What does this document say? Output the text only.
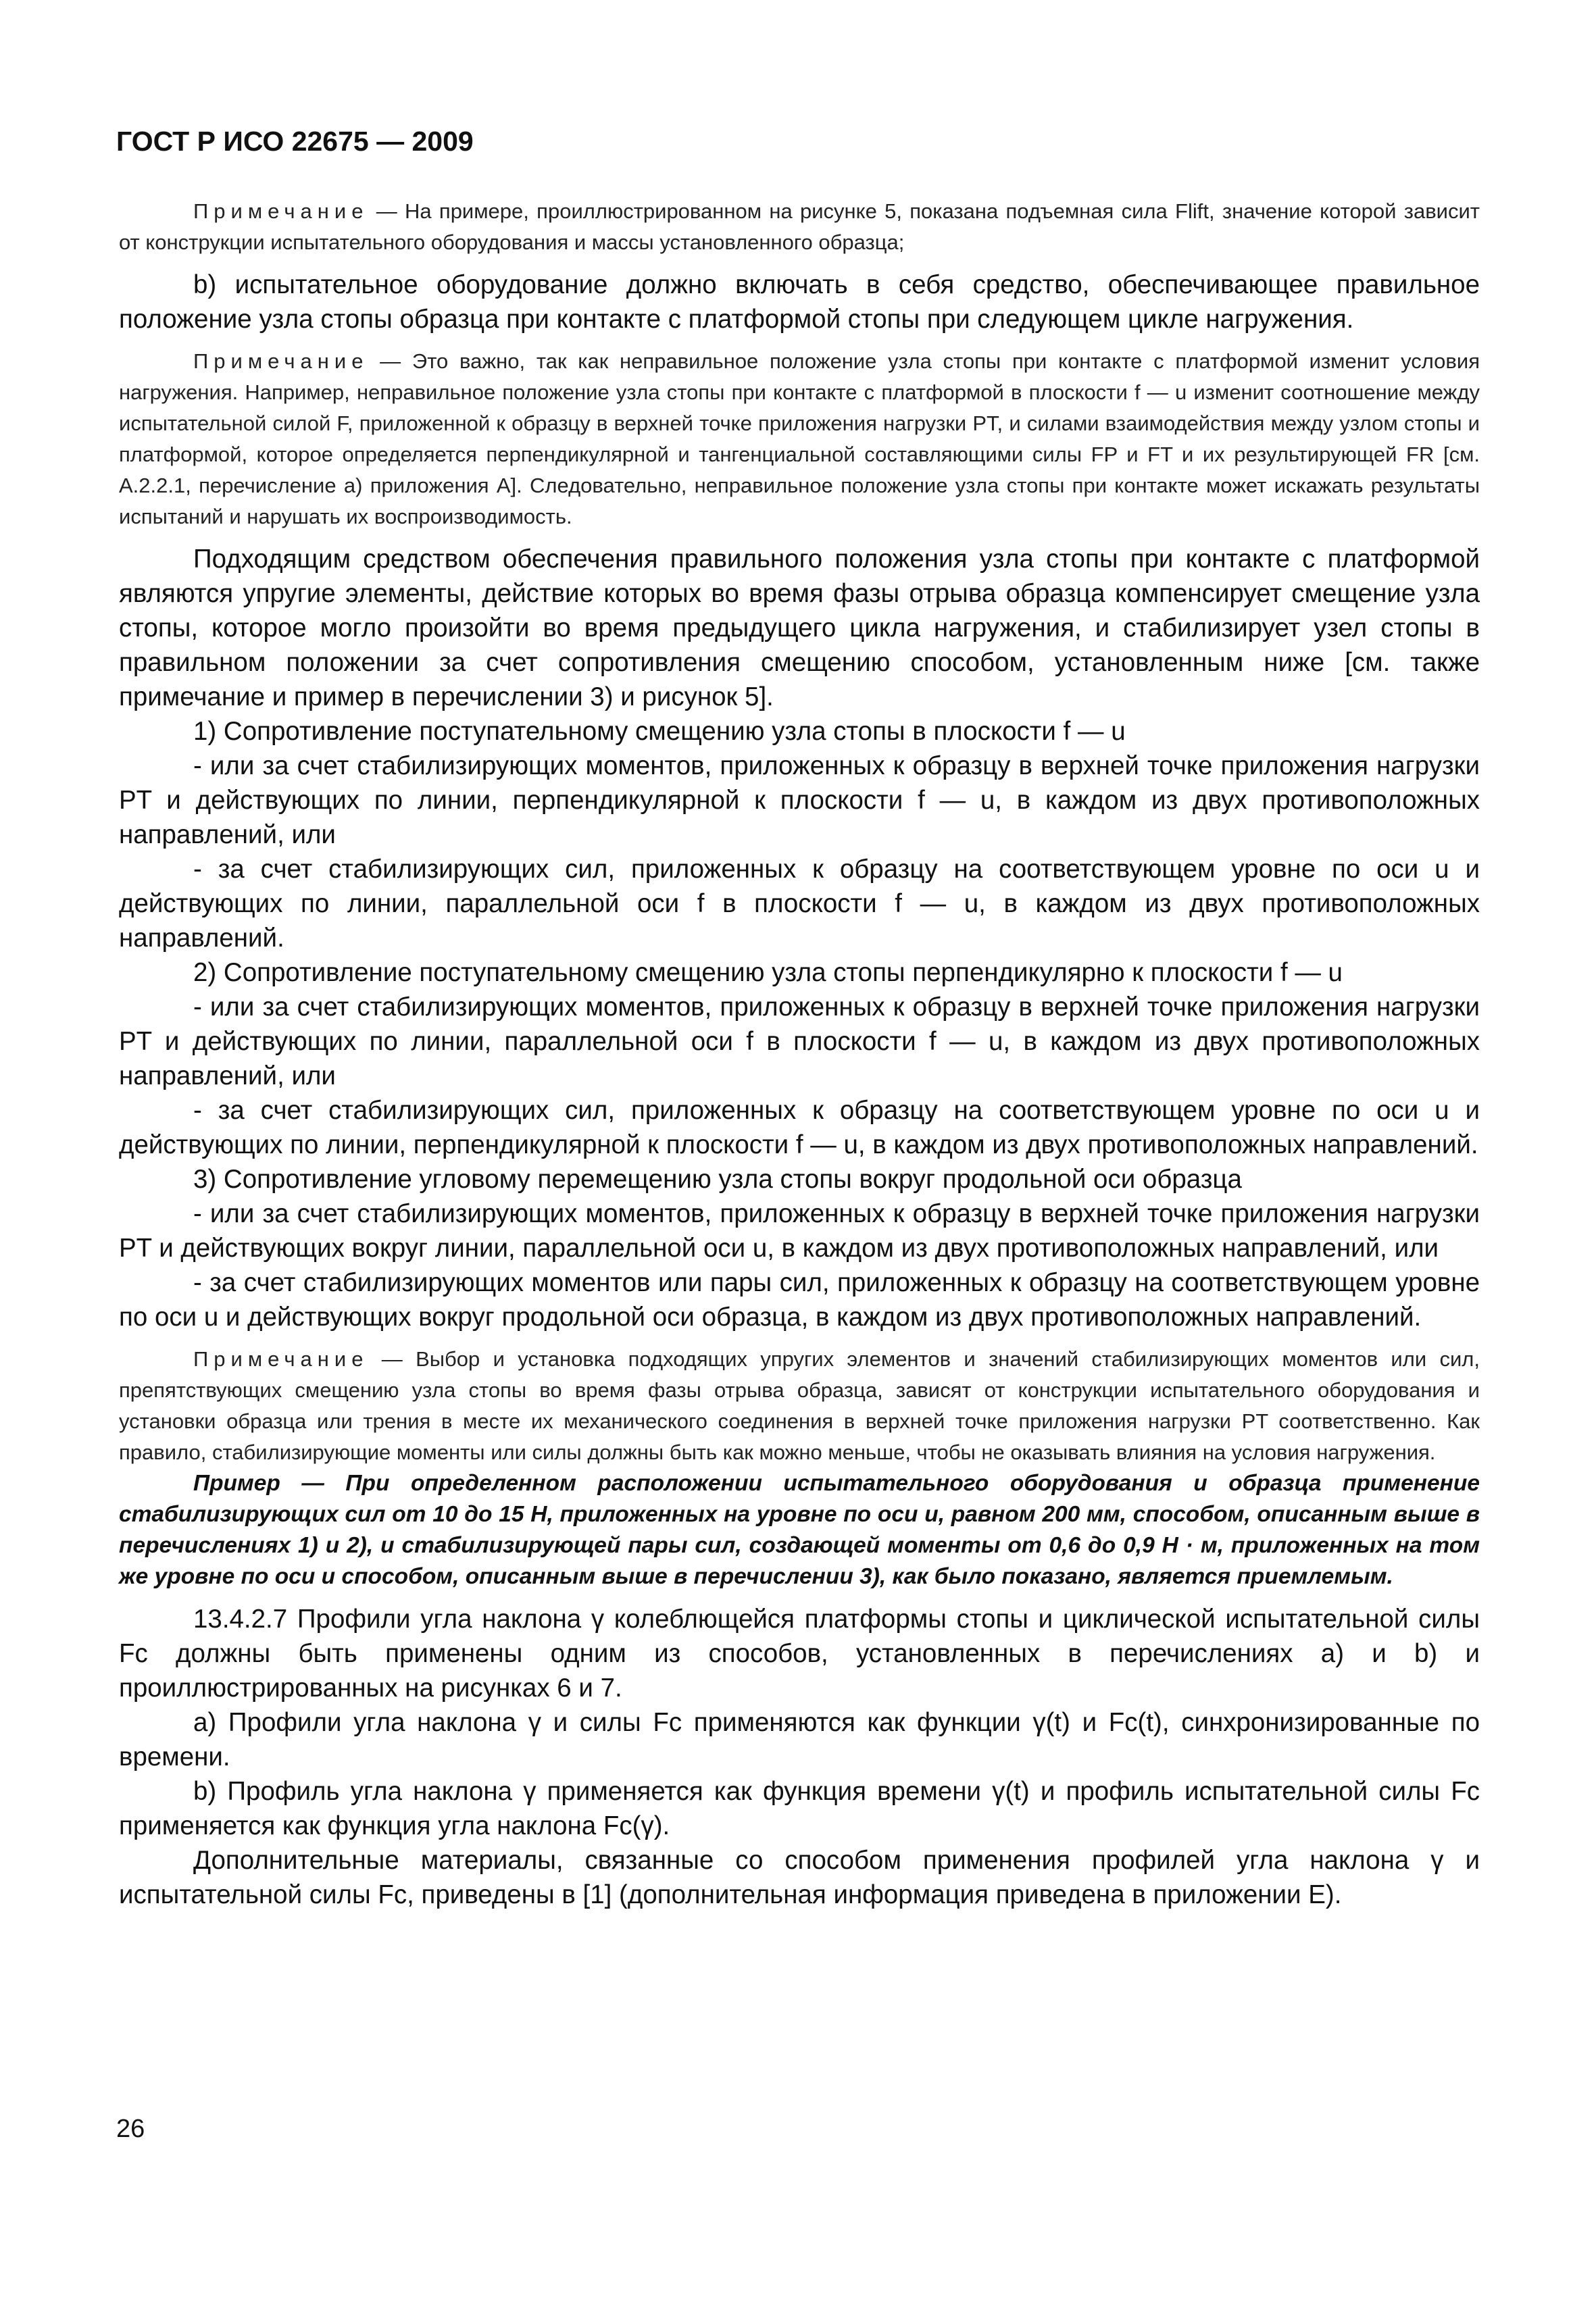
ГОСТ Р ИСО 22675 — 2009

Примечание — На примере, проиллюстрированном на рисунке 5, показана подъемная сила Flift, значение которой зависит от конструкции испытательного оборудования и массы установленного образца;

b) испытательное оборудование должно включать в себя средство, обеспечивающее правильное положение узла стопы образца при контакте с платформой стопы при следующем цикле нагружения.

Примечание — Это важно, так как неправильное положение узла стопы при контакте с платформой изменит условия нагружения. Например, неправильное положение узла стопы при контакте с платформой в плоскости f — u изменит соотношение между испытательной силой F, приложенной к образцу в верхней точке приложения нагрузки PT, и силами взаимодействия между узлом стопы и платформой, которое определяется перпендикулярной и тангенциальной составляющими силы FP и FT и их результирующей FR [см. А.2.2.1, перечисление а) приложения А]. Следовательно, неправильное положение узла стопы при контакте может искажать результаты испытаний и нарушать их воспроизводимость.

Подходящим средством обеспечения правильного положения узла стопы при контакте с платформой являются упругие элементы, действие которых во время фазы отрыва образца компенсирует смещение узла стопы, которое могло произойти во время предыдущего цикла нагружения, и стабилизирует узел стопы в правильном положении за счет сопротивления смещению способом, установленным ниже [см. также примечание и пример в перечислении 3) и рисунок 5].

1) Сопротивление поступательному смещению узла стопы в плоскости f — u

- или за счет стабилизирующих моментов, приложенных к образцу в верхней точке приложения нагрузки PT и действующих по линии, перпендикулярной к плоскости f — u, в каждом из двух противоположных направлений, или

- за счет стабилизирующих сил, приложенных к образцу на соответствующем уровне по оси u и действующих по линии, параллельной оси f в плоскости f — u, в каждом из двух противоположных направлений.

2) Сопротивление поступательному смещению узла стопы перпендикулярно к плоскости f — u

- или за счет стабилизирующих моментов, приложенных к образцу в верхней точке приложения нагрузки PT и действующих по линии, параллельной оси f в плоскости f — u, в каждом из двух противоположных направлений, или

- за счет стабилизирующих сил, приложенных к образцу на соответствующем уровне по оси u и действующих по линии, перпендикулярной к плоскости f — u, в каждом из двух противоположных направлений.

3) Сопротивление угловому перемещению узла стопы вокруг продольной оси образца

- или за счет стабилизирующих моментов, приложенных к образцу в верхней точке приложения нагрузки PT и действующих вокруг линии, параллельной оси u, в каждом из двух противоположных направлений, или

- за счет стабилизирующих моментов или пары сил, приложенных к образцу на соответствующем уровне по оси u и действующих вокруг продольной оси образца, в каждом из двух противоположных направлений.

Примечание — Выбор и установка подходящих упругих элементов и значений стабилизирующих моментов или сил, препятствующих смещению узла стопы во время фазы отрыва образца, зависят от конструкции испытательного оборудования и установки образца или трения в месте их механического соединения в верхней точке приложения нагрузки PT соответственно. Как правило, стабилизирующие моменты или силы должны быть как можно меньше, чтобы не оказывать влияния на условия нагружения.

Пример — При определенном расположении испытательного оборудования и образца применение стабилизирующих сил от 10 до 15 Н, приложенных на уровне по оси u, равном 200 мм, способом, описанным выше в перечислениях 1) и 2), и стабилизирующей пары сил, создающей моменты от 0,6 до 0,9 Н · м, приложенных на том же уровне по оси u способом, описанным выше в перечислении 3), как было показано, является приемлемым.

13.4.2.7 Профили угла наклона γ колеблющейся платформы стопы и циклической испытательной силы Fc должны быть применены одним из способов, установленных в перечислениях а) и b) и проиллюстрированных на рисунках 6 и 7.

а) Профили угла наклона γ и силы Fc применяются как функции γ(t) и Fc(t), синхронизированные по времени.

b) Профиль угла наклона γ применяется как функция времени γ(t) и профиль испытательной силы Fc применяется как функция угла наклона Fc(γ).

Дополнительные материалы, связанные со способом применения профилей угла наклона γ и испытательной силы Fc, приведены в [1] (дополнительная информация приведена в приложении Е).

26
